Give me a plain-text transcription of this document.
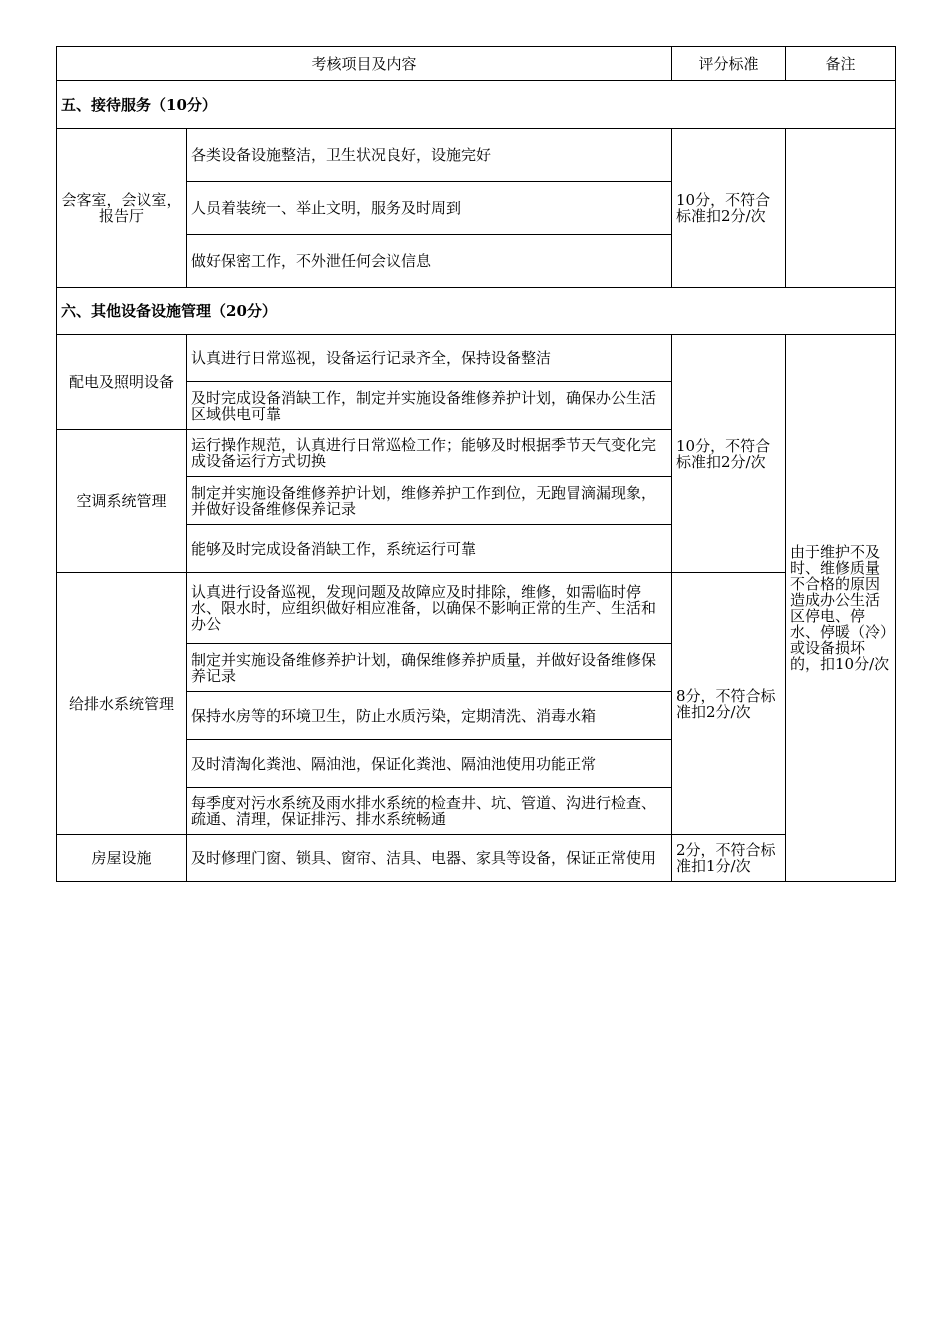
考核项目及内容		评分标准	备注
五、接待服务（10分）			
会客室，会议室，报告厅	各类设备设施整洁，卫生状况良好，设施完好	10分，不符合标准扣2分/次	
	人员着装统一、举止文明，服务及时周到		
	做好保密工作，不外泄任何会议信息		
六、其他设备设施管理（20分）			
配电及照明设备	认真进行日常巡视，设备运行记录齐全，保持设备整洁	10分，不符合标准扣2分/次	由于维护不及时、维修质量不合格的原因造成办公生活区停电、停水、停暖（冷）或设备损坏的，扣10分/次
	及时完成设备消缺工作，制定并实施设备维修养护计划，确保办公生活区域供电可靠		
空调系统管理	运行操作规范，认真进行日常巡检工作；能够及时根据季节天气变化完成设备运行方式切换		
	制定并实施设备维修养护计划，维修养护工作到位，无跑冒滴漏现象，并做好设备维修保养记录		
	能够及时完成设备消缺工作，系统运行可靠		
给排水系统管理	认真进行设备巡视，发现问题及故障应及时排除，维修，如需临时停水、限水时，应组织做好相应准备，以确保不影响正常的生产、生活和办公	8分，不符合标准扣2分/次	
	制定并实施设备维修养护计划，确保维修养护质量，并做好设备维修保养记录		
	保持水房等的环境卫生，防止水质污染，定期清洗、消毒水箱		
	及时清淘化粪池、隔油池，保证化粪池、隔油池使用功能正常		
	每季度对污水系统及雨水排水系统的检查井、坑、管道、沟进行检查、疏通、清理，保证排污、排水系统畅通		
房屋设施	及时修理门窗、锁具、窗帘、洁具、电器、家具等设备，保证正常使用	2分，不符合标准扣1分/次	
